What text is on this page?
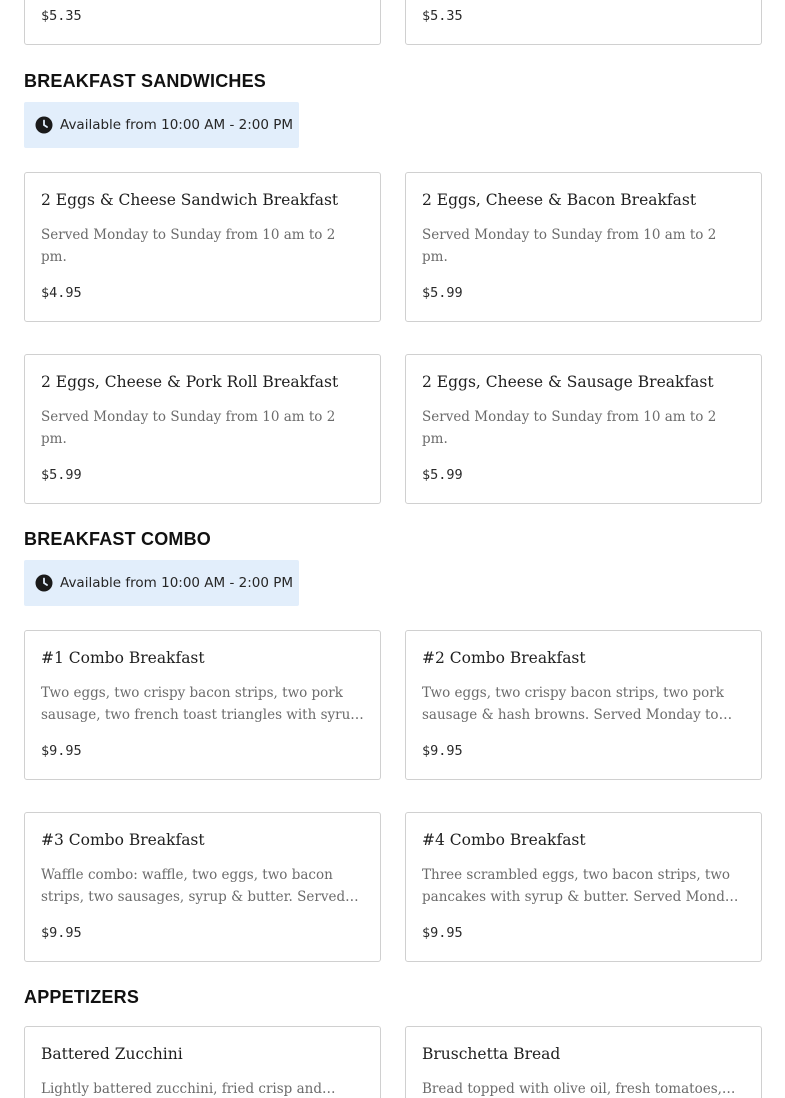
$5.35	$5.35
BREAKFAST SANDWICHES
Available from 10:00 AM - 2:00 PM
2 Eggs & Cheese Sandwich Breakfast
Served Monday to Sunday from 10 am to 2 pm.
$4.95
2 Eggs, Cheese & Bacon Breakfast
Served Monday to Sunday from 10 am to 2 pm.
$5.99
2 Eggs, Cheese & Pork Roll Breakfast
Served Monday to Sunday from 10 am to 2 pm.
$5.99
2 Eggs, Cheese & Sausage Breakfast
Served Monday to Sunday from 10 am to 2 pm.
$5.99
BREAKFAST COMBO
Available from 10:00 AM - 2:00 PM
#1 Combo Breakfast
Two eggs, two crispy bacon strips, two pork sausage, two french toast triangles with syrup,
$9.95
#2 Combo Breakfast
Two eggs, two crispy bacon strips, two pork sausage & hash browns. Served Monday to
$9.95
#3 Combo Breakfast
Waffle combo: waffle, two eggs, two bacon strips, two sausages, syrup & butter. Served
$9.95
#4 Combo Breakfast
Three scrambled eggs, two bacon strips, two pancakes with syrup & butter. Served Monday
$9.95
APPETIZERS
Battered Zucchini
Lightly battered zucchini, fried crisp and
Bruschetta Bread
Bread topped with olive oil, fresh tomatoes,
